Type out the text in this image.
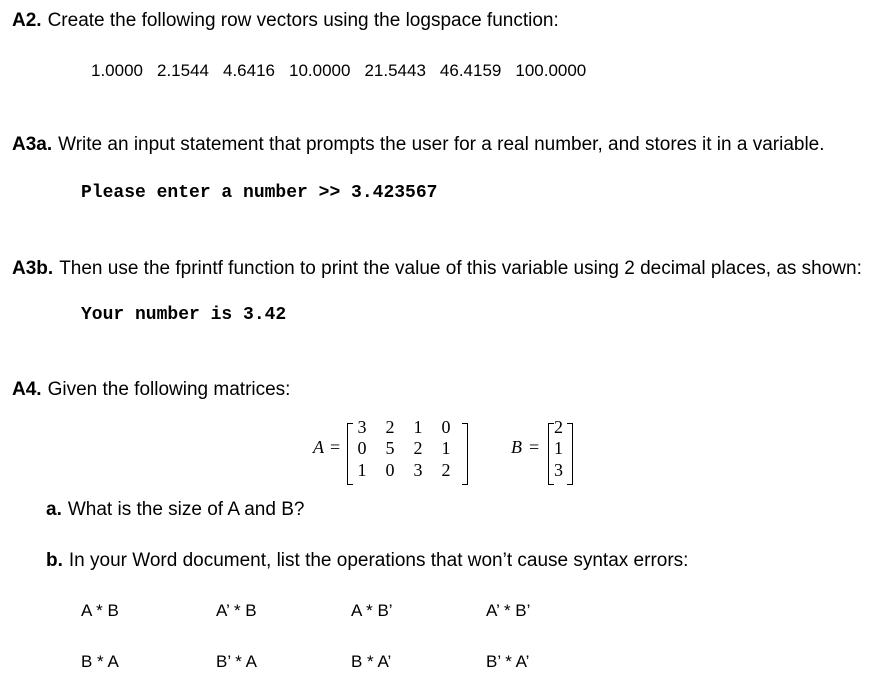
A2. Create the following row vectors using the logspace function:
1.0000 2.1544 4.6416 10.0000 21.5443 46.4159 100.0000
A3a. Write an input statement that prompts the user for a real number, and stores it in a variable.
Please enter a number >> 3.423567
A3b. Then use the fprintf function to print the value of this variable using 2 decimal places, as shown:
Your number is 3.42
A4. Given the following matrices:
A =
3	2	1	0
0	5	2	1
1	0	3	2
B =
2
1
3
a. What is the size of A and B?
b. In your Word document, list the operations that won’t cause syntax errors:
A * B	A’ * B	A * B’	A’ * B’
B * A	B’ * A	B * A’	B’ * A’
